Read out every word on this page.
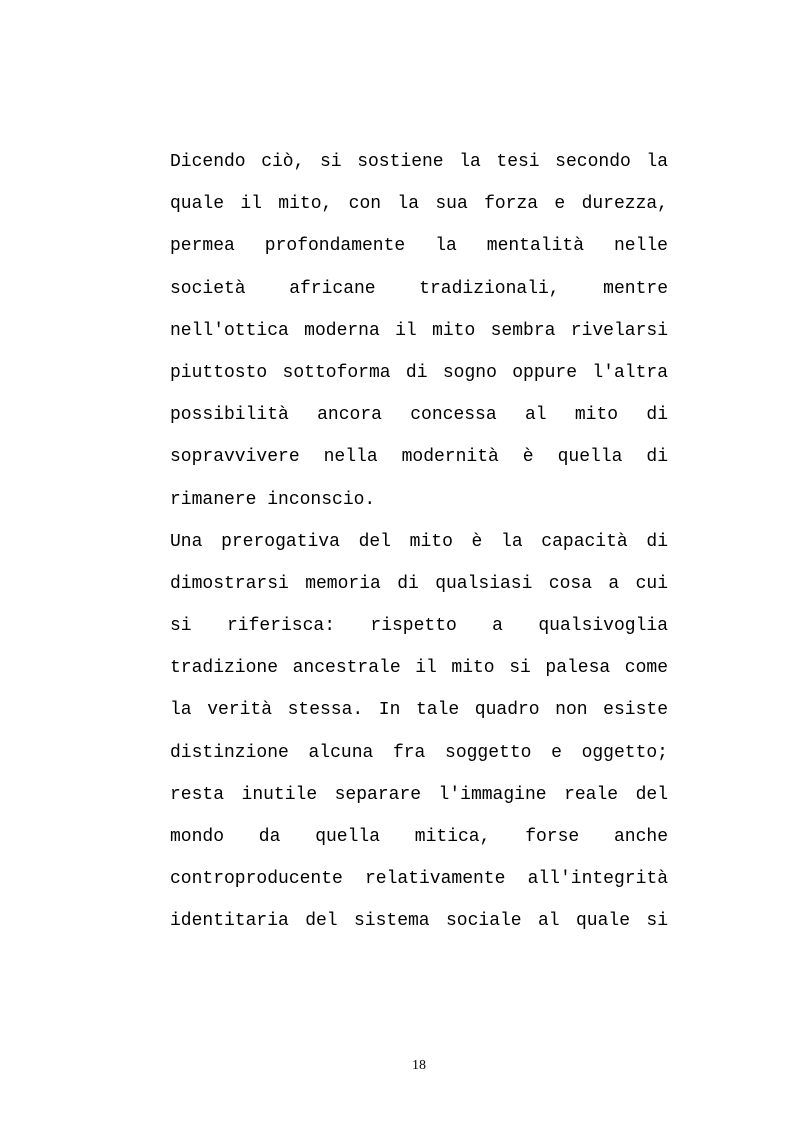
Dicendo ciò, si sostiene la tesi secondo la
quale il mito, con la sua forza e durezza,
permea profondamente la mentalità nelle
società africane tradizionali, mentre
nell'ottica moderna il mito sembra rivelarsi
piuttosto sottoforma di sogno oppure l'altra
possibilità ancora concessa al mito di
sopravvivere nella modernità è quella di
rimanere inconscio.
Una prerogativa del mito è la capacità di
dimostrarsi memoria di qualsiasi cosa a cui
si riferisca: rispetto a qualsivoglia
tradizione ancestrale il mito si palesa come
la verità stessa. In tale quadro non esiste
distinzione alcuna fra soggetto e oggetto;
resta inutile separare l'immagine reale del
mondo da quella mitica, forse anche
controproducente relativamente all'integrità
identitaria del sistema sociale al quale si
18
